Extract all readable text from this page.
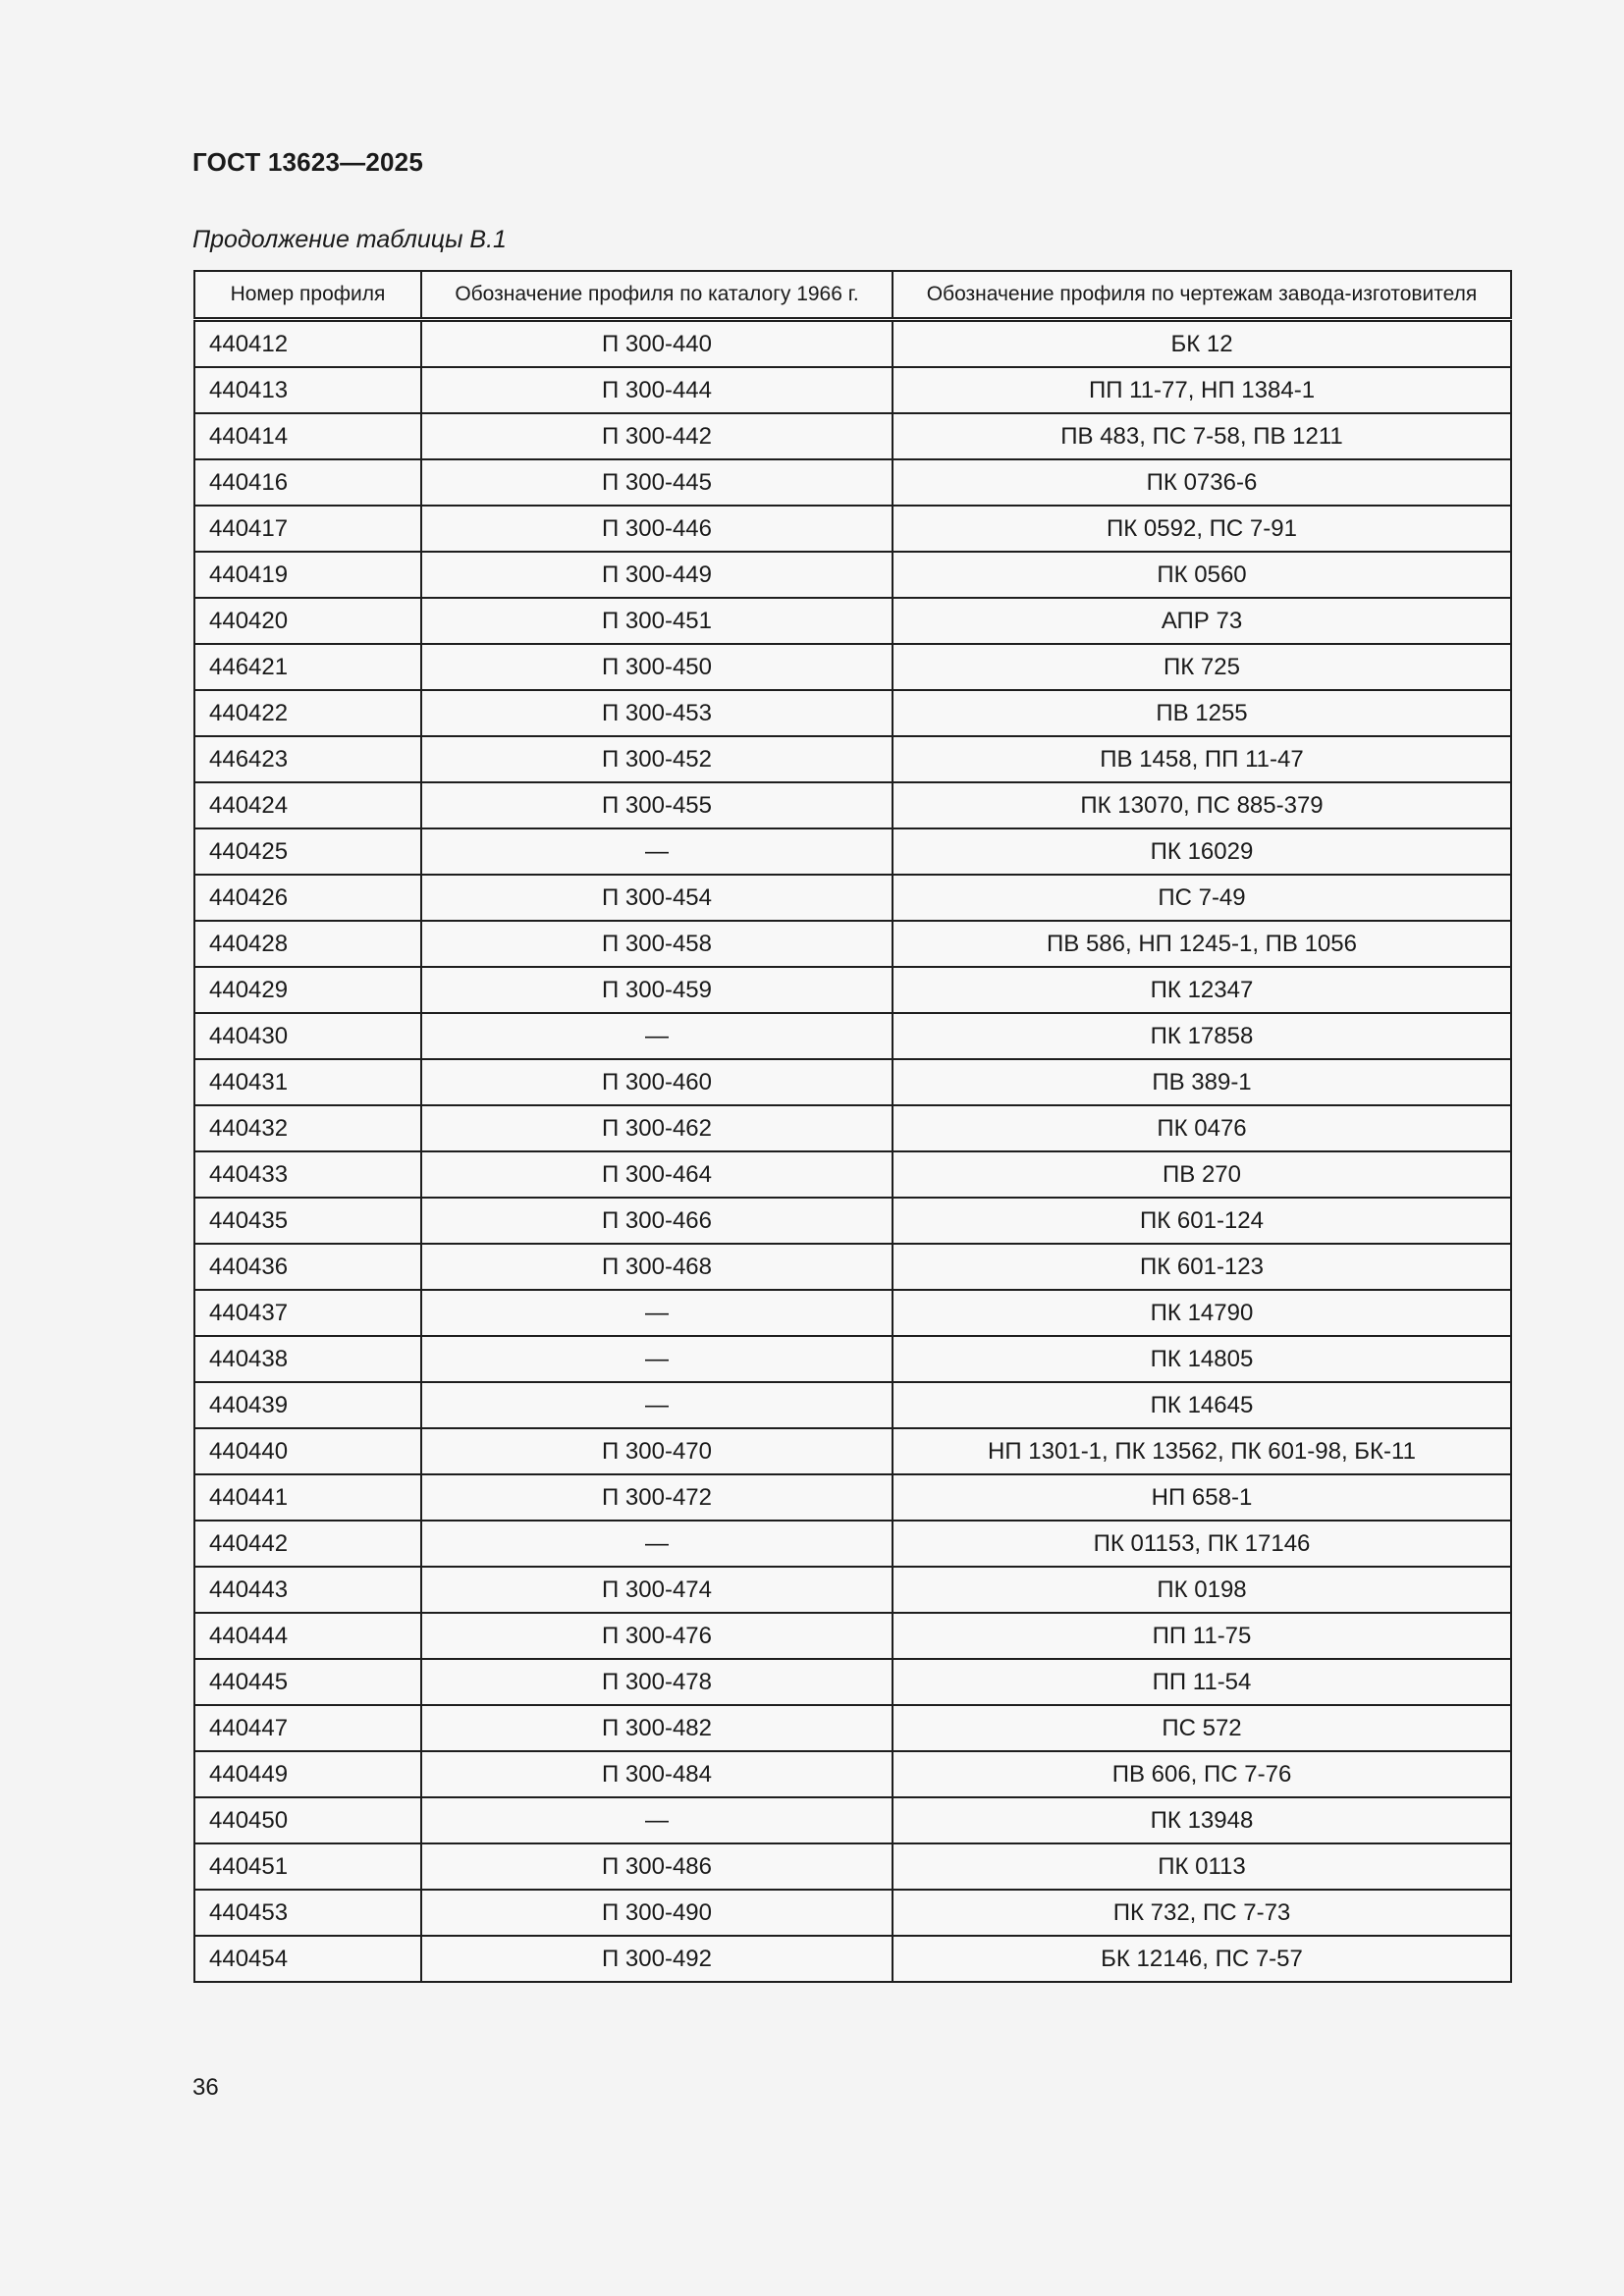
ГОСТ 13623—2025
Продолжение таблицы В.1
Номер профиля	Обозначение профиля по каталогу 1966 г.	Обозначение профиля по чертежам завода-изготовителя
440412	П 300-440	БК 12
440413	П 300-444	ПП 11-77, НП 1384-1
440414	П 300-442	ПВ 483, ПС 7-58, ПВ 1211
440416	П 300-445	ПК 0736-6
440417	П 300-446	ПК 0592, ПС 7-91
440419	П 300-449	ПК 0560
440420	П 300-451	АПР 73
446421	П 300-450	ПК 725
440422	П 300-453	ПВ 1255
446423	П 300-452	ПВ 1458, ПП 11-47
440424	П 300-455	ПК 13070, ПС 885-379
440425	—	ПК 16029
440426	П 300-454	ПС 7-49
440428	П 300-458	ПВ 586, НП 1245-1, ПВ 1056
440429	П 300-459	ПК 12347
440430	—	ПК 17858
440431	П 300-460	ПВ 389-1
440432	П 300-462	ПК 0476
440433	П 300-464	ПВ 270
440435	П 300-466	ПК 601-124
440436	П 300-468	ПК 601-123
440437	—	ПК 14790
440438	—	ПК 14805
440439	—	ПК 14645
440440	П 300-470	НП 1301-1, ПК 13562, ПК 601-98, БК-11
440441	П 300-472	НП 658-1
440442	—	ПК 01153, ПК 17146
440443	П 300-474	ПК 0198
440444	П 300-476	ПП 11-75
440445	П 300-478	ПП 11-54
440447	П 300-482	ПС 572
440449	П 300-484	ПВ 606, ПС 7-76
440450	—	ПК 13948
440451	П 300-486	ПК 0113
440453	П 300-490	ПК 732, ПС 7-73
440454	П 300-492	БК 12146, ПС 7-57
36
